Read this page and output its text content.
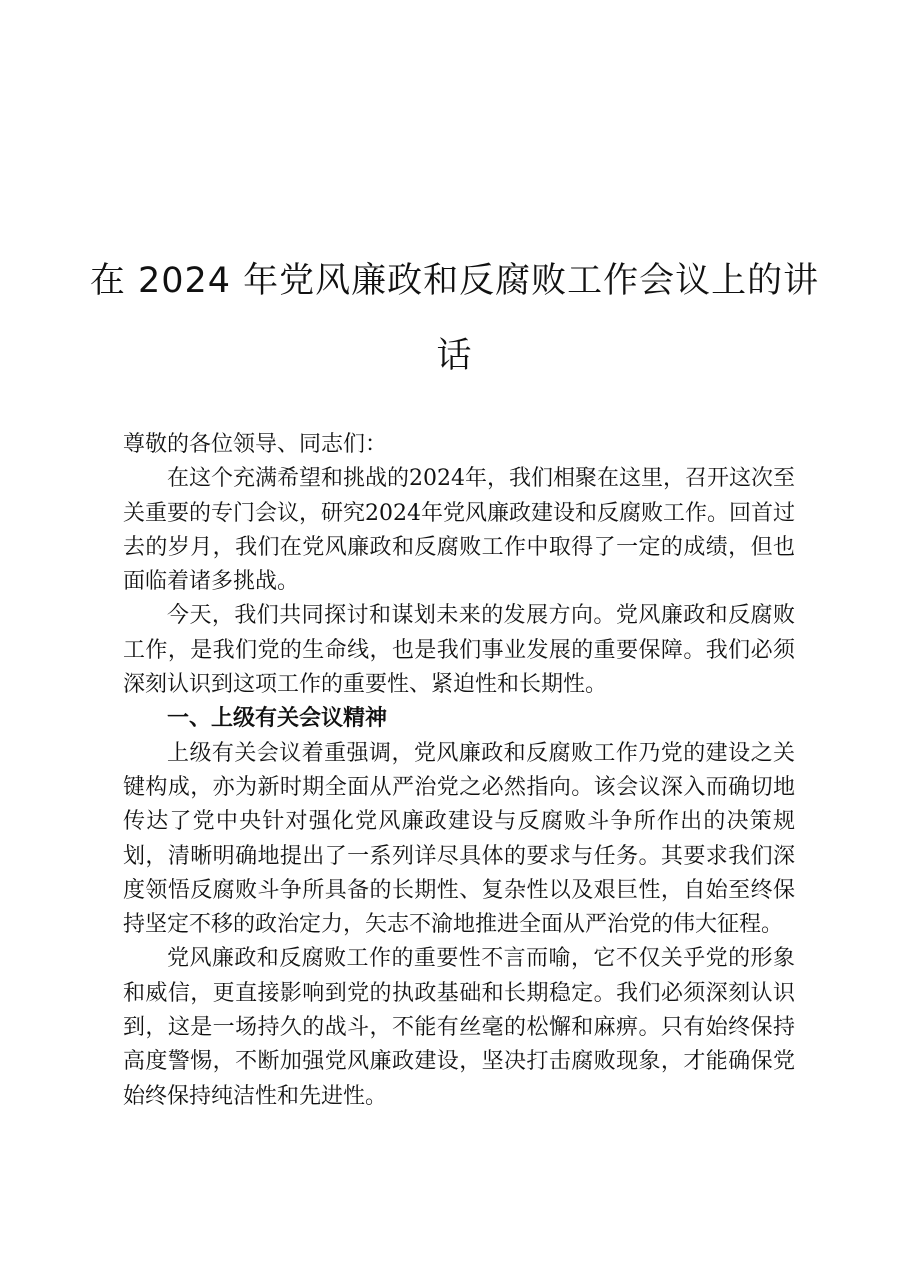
在 2024 年党风廉政和反腐败工作会议上的讲话

尊敬的各位领导、同志们：

在这个充满希望和挑战的2024年，我们相聚在这里，召开这次至关重要的专门会议，研究2024年党风廉政建设和反腐败工作。回首过去的岁月，我们在党风廉政和反腐败工作中取得了一定的成绩，但也面临着诸多挑战。

今天，我们共同探讨和谋划未来的发展方向。党风廉政和反腐败工作，是我们党的生命线，也是我们事业发展的重要保障。我们必须深刻认识到这项工作的重要性、紧迫性和长期性。

一、上级有关会议精神

上级有关会议着重强调，党风廉政和反腐败工作乃党的建设之关键构成，亦为新时期全面从严治党之必然指向。该会议深入而确切地传达了党中央针对强化党风廉政建设与反腐败斗争所作出的决策规划，清晰明确地提出了一系列详尽具体的要求与任务。其要求我们深度领悟反腐败斗争所具备的长期性、复杂性以及艰巨性，自始至终保持坚定不移的政治定力，矢志不渝地推进全面从严治党的伟大征程。

党风廉政和反腐败工作的重要性不言而喻，它不仅关乎党的形象和威信，更直接影响到党的执政基础和长期稳定。我们必须深刻认识到，这是一场持久的战斗，不能有丝毫的松懈和麻痹。只有始终保持高度警惕，不断加强党风廉政建设，坚决打击腐败现象，才能确保党始终保持纯洁性和先进性。
